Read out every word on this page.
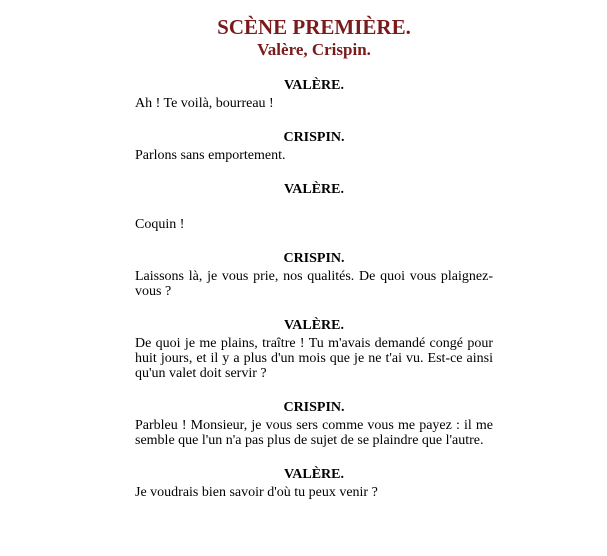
SCÈNE PREMIÈRE.
Valère, Crispin.
VALÈRE.

Ah ! Te voilà, bourreau !

CRISPIN.

Parlons sans emportement.

VALÈRE.

Coquin !

CRISPIN.

Laissons là, je vous prie, nos qualités. De quoi vous plaignez-vous ?

VALÈRE.

De quoi je me plains, traître ! Tu m'avais demandé congé pour huit jours, et il y a plus d'un mois que je ne t'ai vu. Est-ce ainsi qu'un valet doit servir ?

CRISPIN.

Parbleu ! Monsieur, je vous sers comme vous me payez : il me semble que l'un n'a pas plus de sujet de se plaindre que l'autre.

VALÈRE.

Je voudrais bien savoir d'où tu peux venir ?
